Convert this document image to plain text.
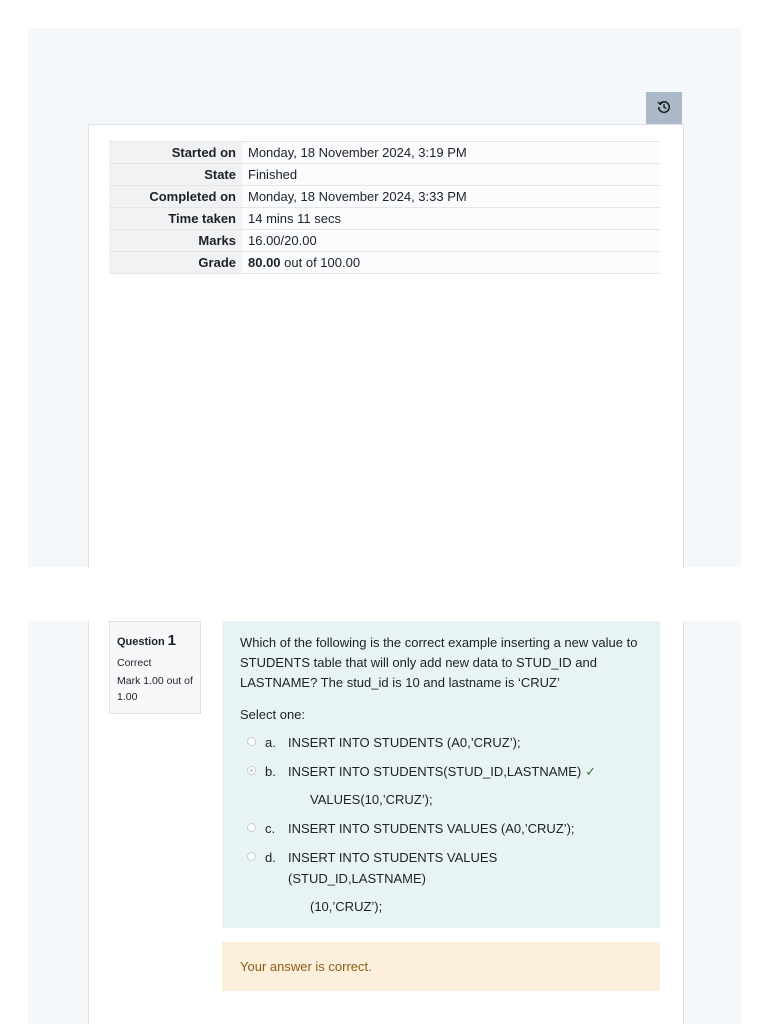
Started on	Monday, 18 November 2024, 3:19 PM
State	Finished
Completed on	Monday, 18 November 2024, 3:33 PM
Time taken	14 mins 11 secs
Marks	16.00/20.00
Grade	80.00 out of 100.00
Question 1
Correct
Mark 1.00 out of 1.00

Which of the following is the correct example inserting a new value to STUDENTS table that will only add new data to STUD_ID and LASTNAME? The stud_id is 10 and lastname is ‘CRUZ’

Select one:
a. INSERT INTO STUDENTS (A0,’CRUZ’);
b. INSERT INTO STUDENTS(STUD_ID,LASTNAME) ✓
VALUES(10,’CRUZ’);
c. INSERT INTO STUDENTS VALUES (A0,’CRUZ’);
d. INSERT INTO STUDENTS VALUES (STUD_ID,LASTNAME)
(10,’CRUZ’);
Your answer is correct.
